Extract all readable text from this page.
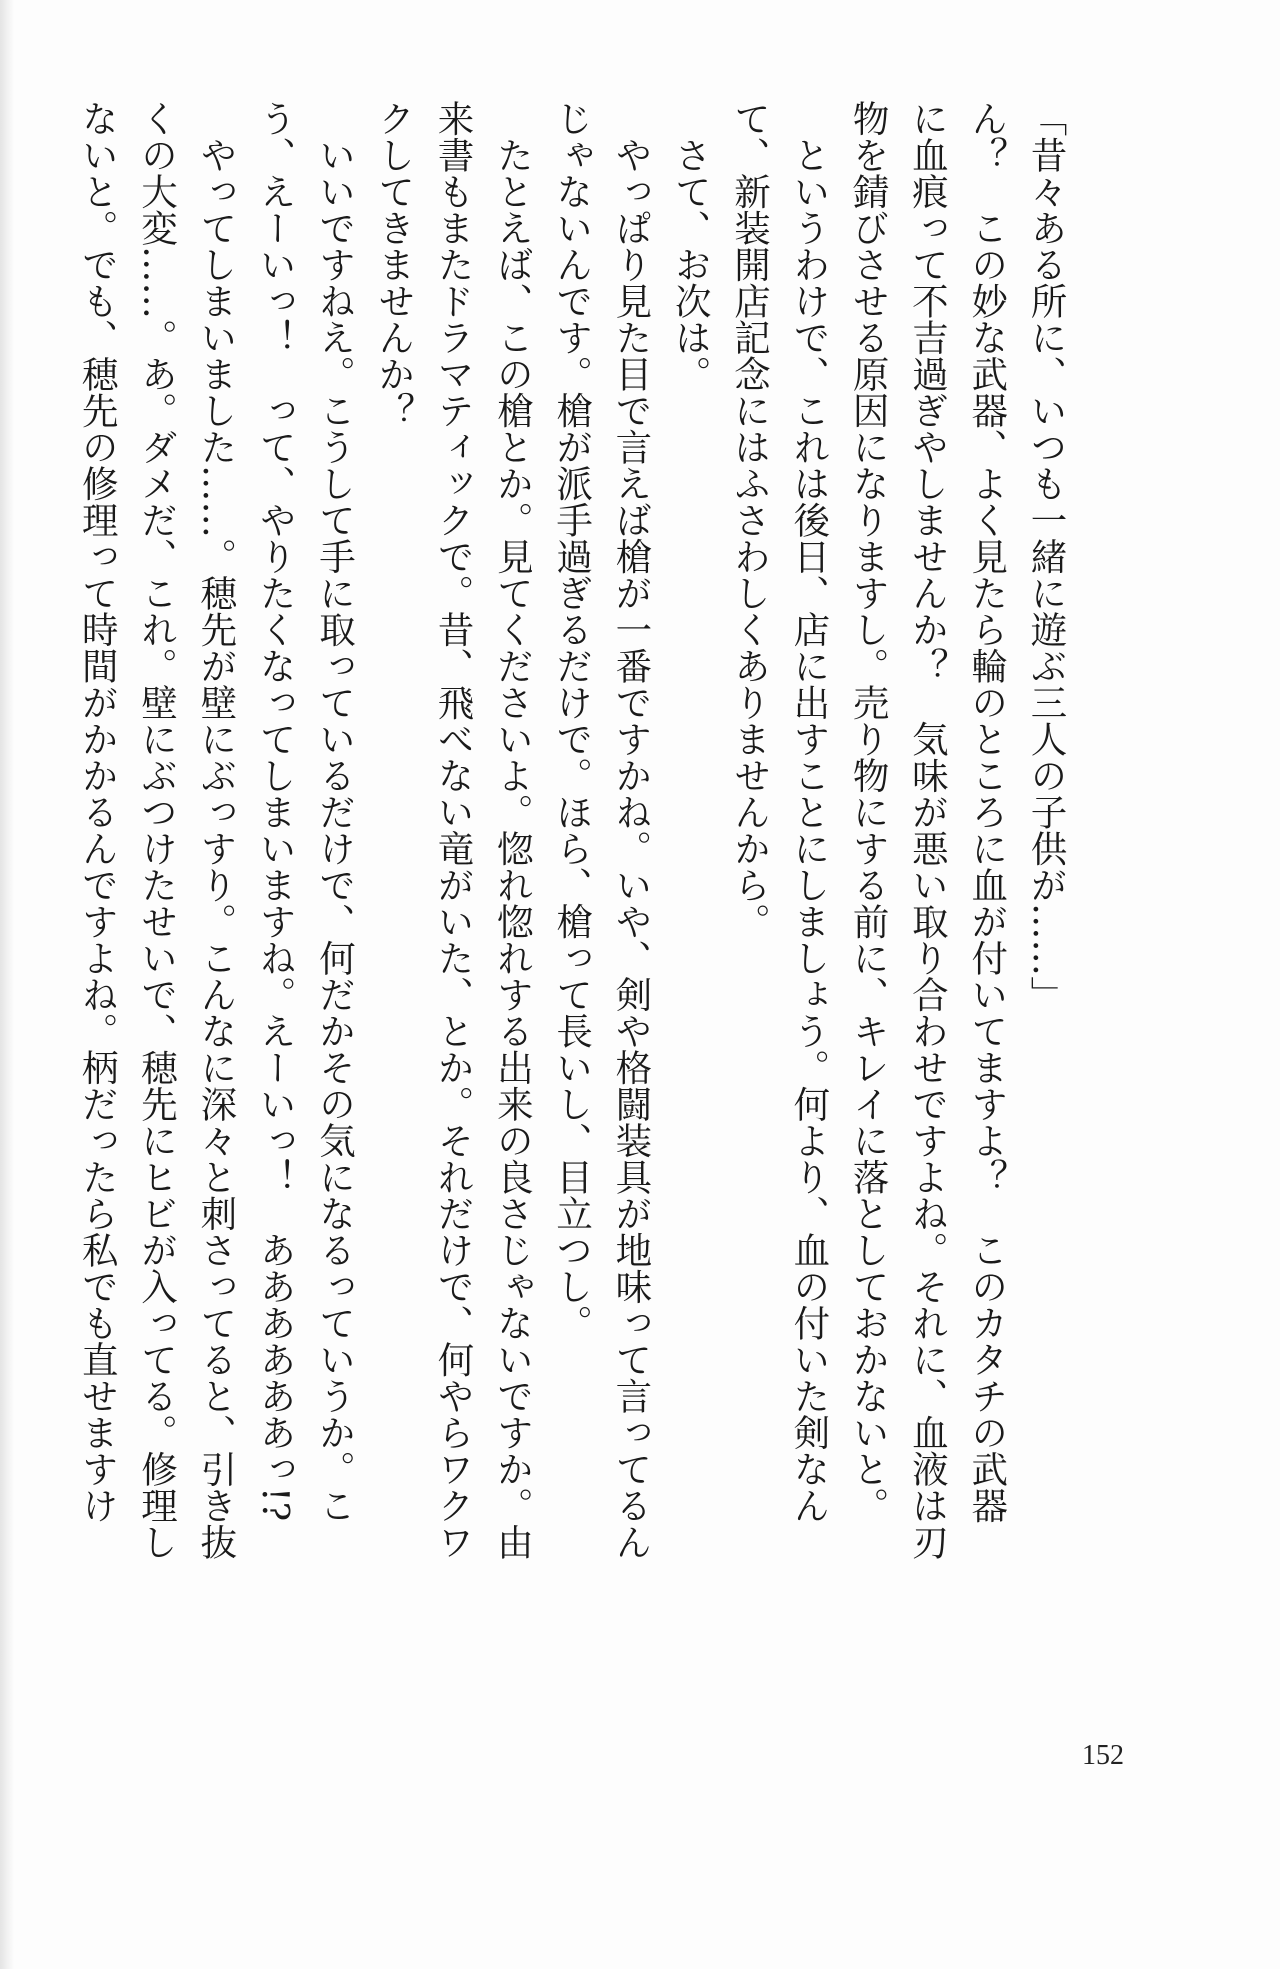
「昔々ある所に、いつも一緒に遊ぶ三人の子供が……」
ん？　この妙な武器、よく見たら輪のところに血が付いてますよ？　このカタチの武器
に血痕って不吉過ぎやしませんか？　気味が悪い取り合わせですよね。それに、血液は刃
物を錆びさせる原因になりますし。売り物にする前に、キレイに落としておかないと。
　というわけで、これは後日、店に出すことにしましょう。何より、血の付いた剣なん
て、新装開店記念にはふさわしくありませんから。
　さて、お次は。
　やっぱり見た目で言えば槍が一番ですかね。いや、剣や格闘装具が地味って言ってるん
じゃないんです。槍が派手過ぎるだけで。ほら、槍って長いし、目立つし。
　たとえば、この槍とか。見てくださいよ。惚れ惚れする出来の良さじゃないですか。由
来書もまたドラマティックで。昔、飛べない竜がいた、とか。それだけで、何やらワクワ
クしてきませんか？
　いいですねえ。こうして手に取っているだけで、何だかその気になるっていうか。こ
う、えーいっ！　って、やりたくなってしまいますね。えーいっ！　ああああああっ!?
　やってしまいました……。穂先が壁にぶっすり。こんなに深々と刺さってると、引き抜
くの大変……。あ。ダメだ、これ。壁にぶつけたせいで、穂先にヒビが入ってる。修理し
ないと。でも、穂先の修理って時間がかかるんですよね。柄だったら私でも直せますけ
152
